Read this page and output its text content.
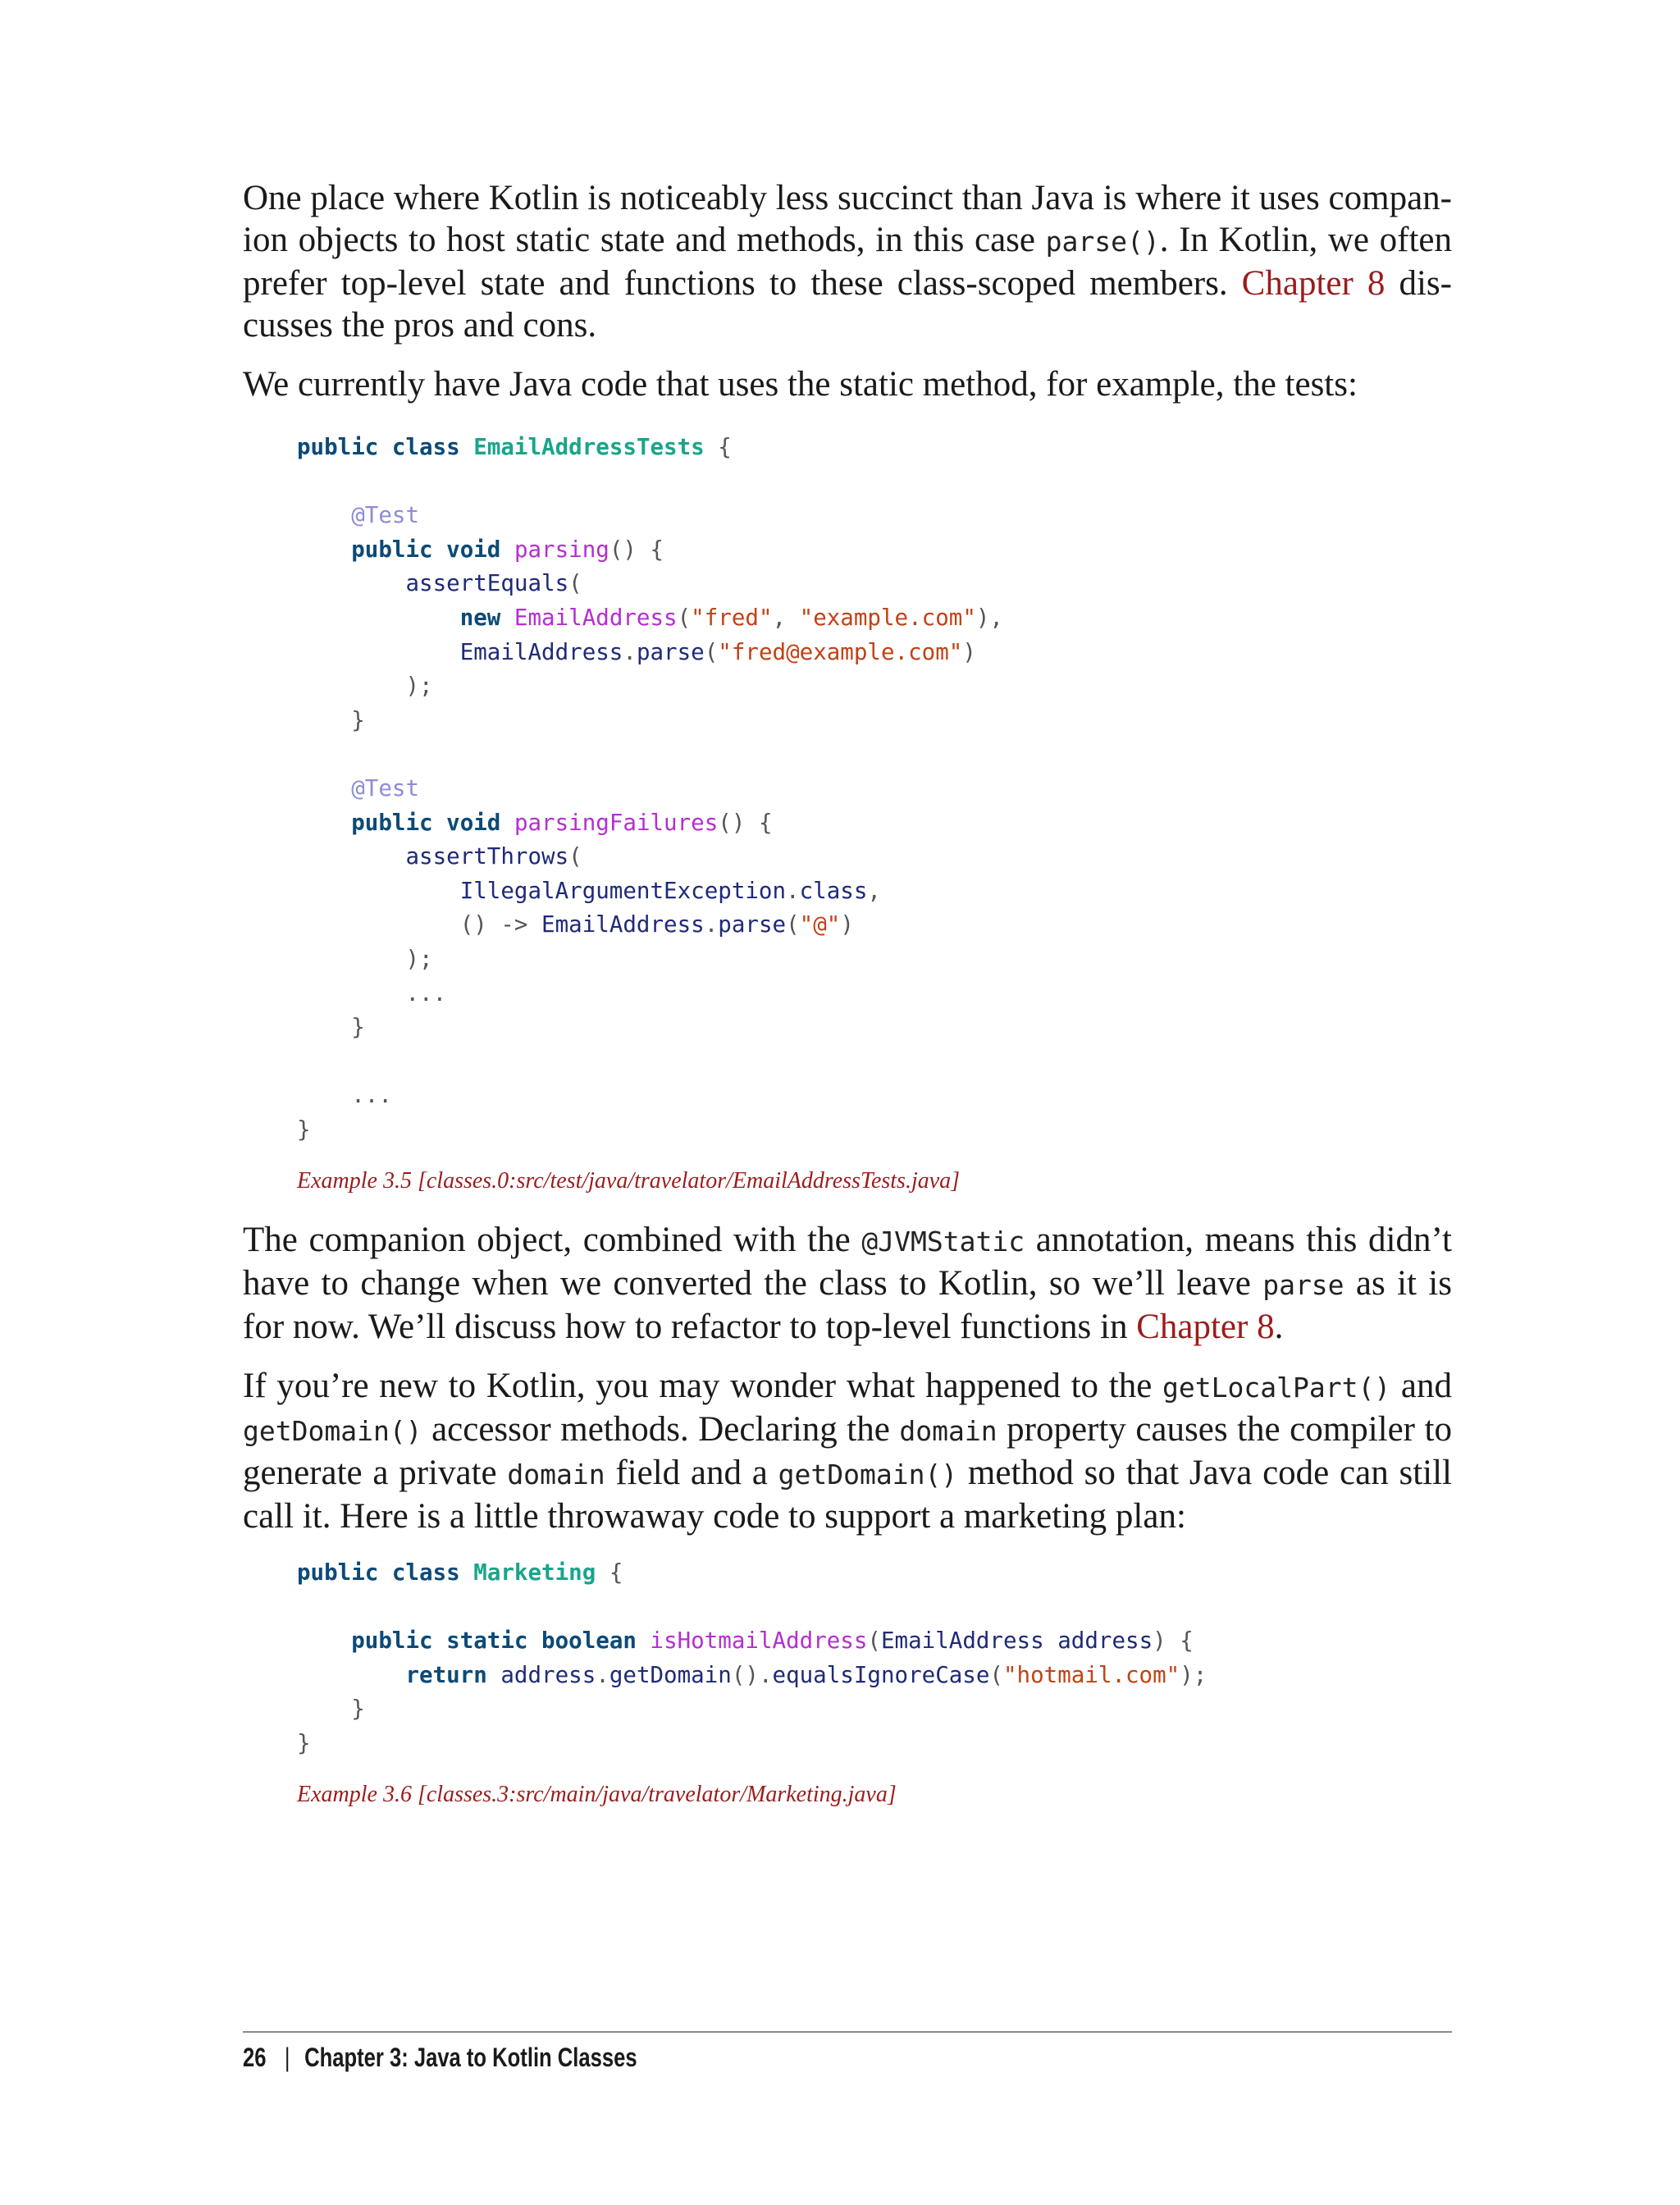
One place where Kotlin is noticeably less succinct than Java is where it uses companion objects to host static state and methods, in this case parse(). In Kotlin, we often prefer top-level state and functions to these class-scoped members. Chapter 8 discusses the pros and cons.

We currently have Java code that uses the static method, for example, the tests:

public class EmailAddressTests {

@Test
public void parsing() {
assertEquals(
new EmailAddress("fred", "example.com"),
EmailAddress.parse("fred@example.com")
);
}

@Test
public void parsingFailures() {
assertThrows(
IllegalArgumentException.class,
() -> EmailAddress.parse("@")
);
...
}

...
}

Example 3.5 [classes.0:src/test/java/travelator/EmailAddressTests.java]

The companion object, combined with the @JVMStatic annotation, means this didn’t have to change when we converted the class to Kotlin, so we’ll leave parse as it is for now. We’ll discuss how to refactor to top-level functions in Chapter 8.

If you’re new to Kotlin, you may wonder what happened to the getLocalPart() and getDomain() accessor methods. Declaring the domain property causes the compiler to generate a private domain field and a getDomain() method so that Java code can still call it. Here is a little throwaway code to support a marketing plan:

public class Marketing {

public static boolean isHotmailAddress(EmailAddress address) {
return address.getDomain().equalsIgnoreCase("hotmail.com");
}
}

Example 3.6 [classes.3:src/main/java/travelator/Marketing.java]

26 | Chapter 3: Java to Kotlin Classes
